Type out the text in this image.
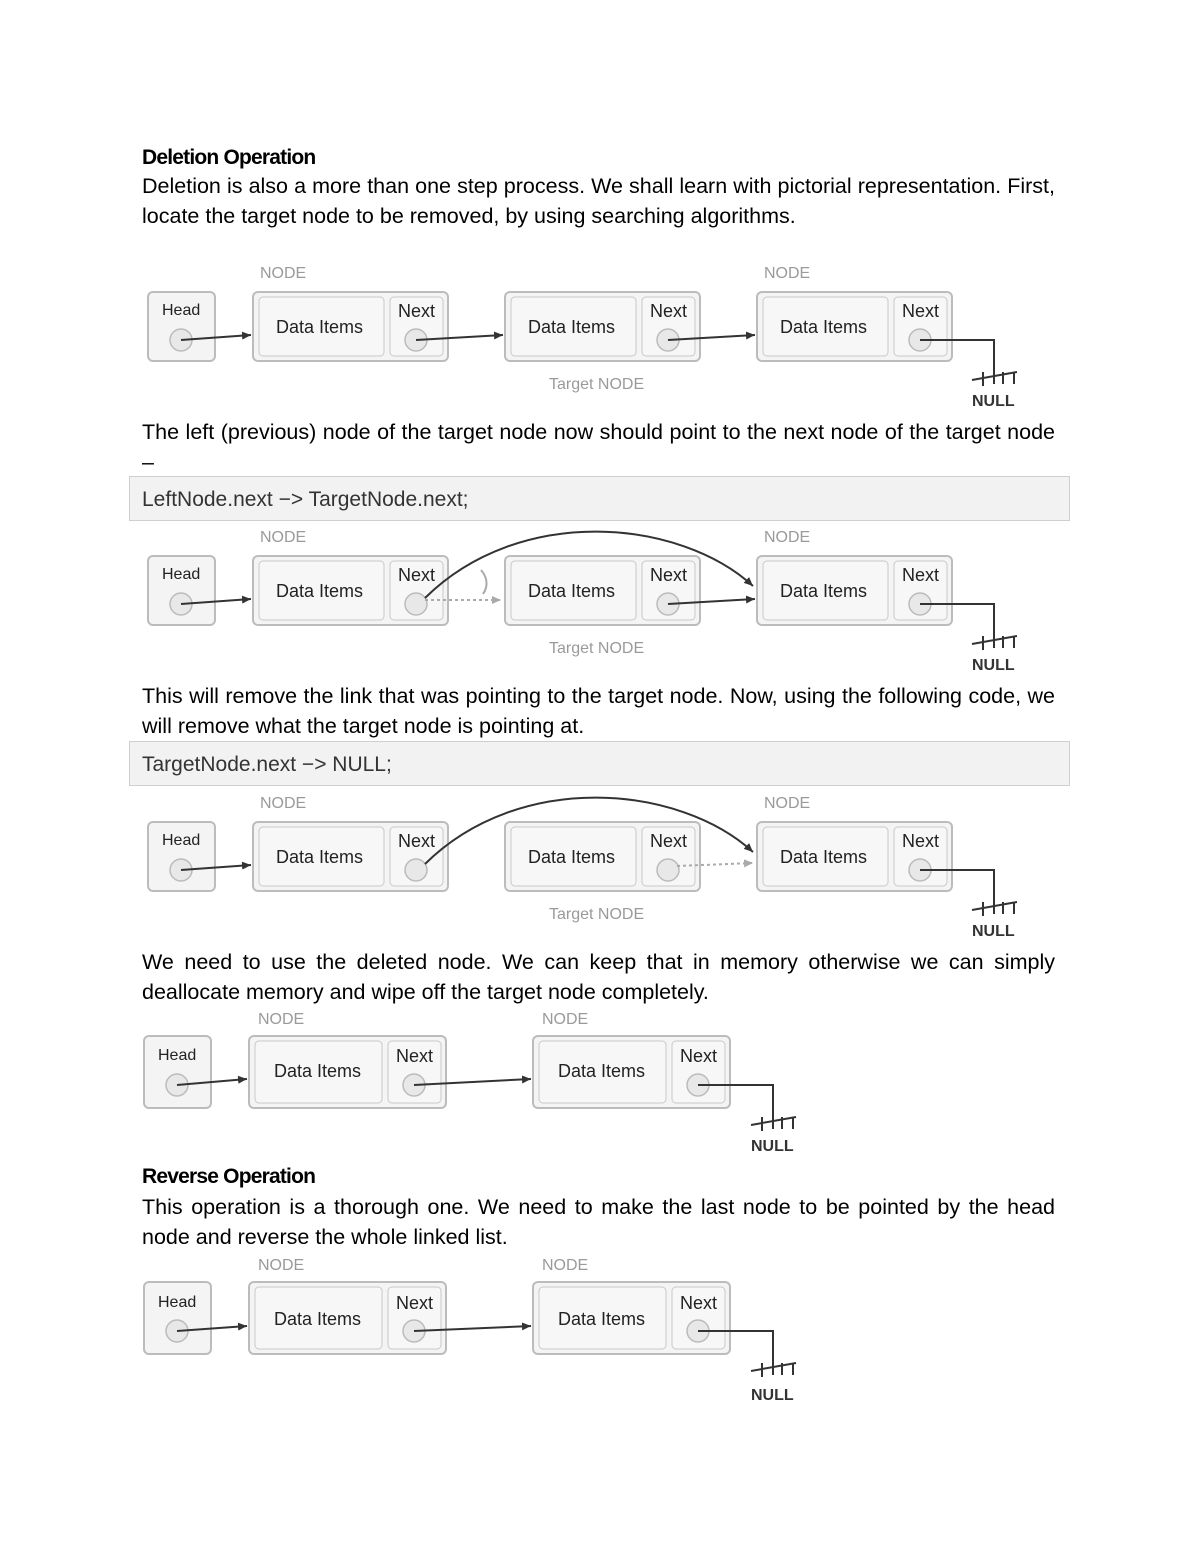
Deletion Operation
Deletion is also a more than one step process. We shall learn with pictorial representation. First, locate the target node to be removed, by using searching algorithms.
NODE	NODE
Head
Data Items
Next
Data Items
Next
Data Items
Next
NULL
Target NODE
The left (previous) node of the target node now should point to the next node of the target node –
LeftNode.next −> TargetNode.next;
NODE	NODE
Head
Data Items
Next
Data Items
Next
Data Items
Next
NULL
Target NODE
This will remove the link that was pointing to the target node. Now, using the following code, we will remove what the target node is pointing at.
TargetNode.next −> NULL;
NODE	NODE
Head
Data Items
Next
Data Items
Next
Data Items
Next
NULL
Target NODE
We need to use the deleted node. We can keep that in memory otherwise we can simply deallocate memory and wipe off the target node completely.
NODE	NODE
Head
Data Items
Next
Data Items
Next
NULL
Reverse Operation
This operation is a thorough one. We need to make the last node to be pointed by the head node and reverse the whole linked list.
NODE	NODE
Head
Data Items
Next
Data Items
Next
NULL
